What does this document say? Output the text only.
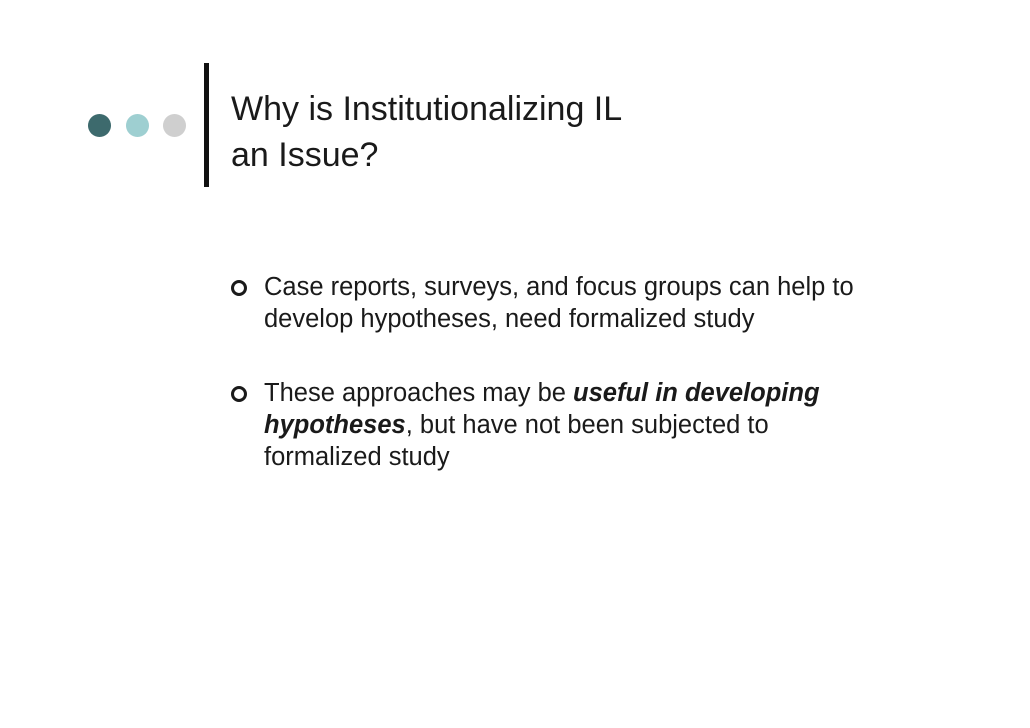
Why is Institutionalizing IL
an Issue?
Case reports, surveys, and focus groups can help to develop hypotheses, need formalized study
These approaches may be useful in developing hypotheses, but have not been subjected to formalized study
